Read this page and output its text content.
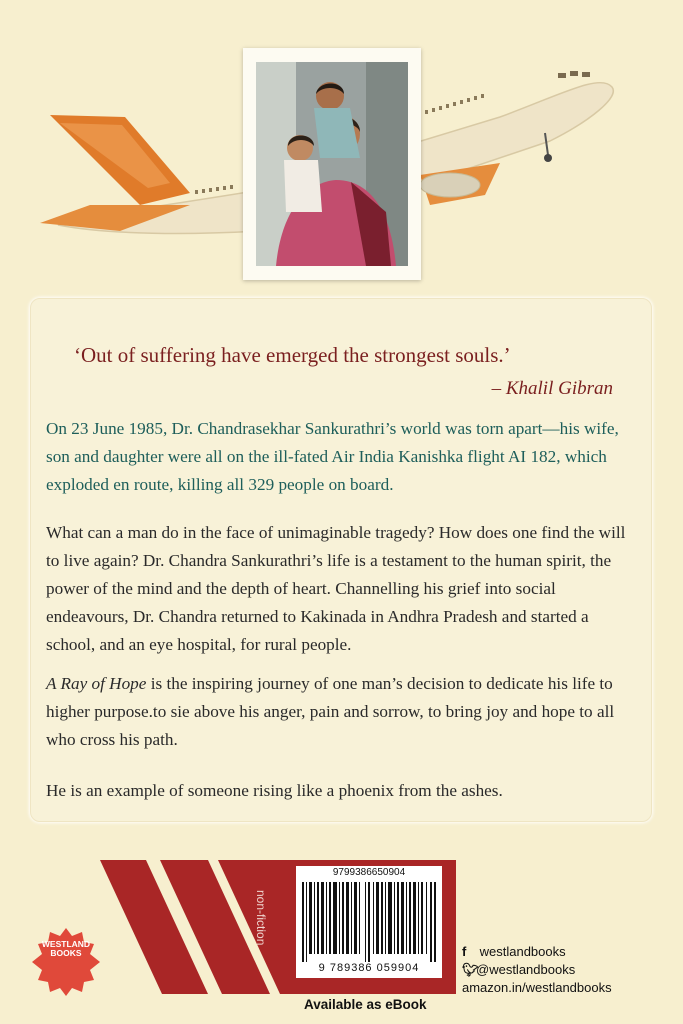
‘Out of suffering have emerged the strongest souls.’
– Khalil Gibran

On 23 June 1985, Dr. Chandrasekhar Sankurathri’s world was torn apart—his wife, son and daughter were all on the ill-fated Air India Kanishka flight AI 182, which exploded en route, killing all 329 people on board.

What can a man do in the face of unimaginable tragedy? How does one find the will to live again? Dr. Chandra Sankurathri’s life is a testament to the human spirit, the power of the mind and the depth of heart. Channelling his grief into social endeavours, Dr. Chandra returned to Kakinada in Andhra Pradesh and started a school, and an eye hospital, for rural people.

A Ray of Hope is the inspiring journey of one man’s decision to dedicate his life to higher purpose.to sie above his anger, pain and sorrow, to bring joy and hope to all who cross his path.

He is an example of someone rising like a phoenix from the ashes.

non-fiction
9799386650904
9 789386 059904
WESTLAND BOOKS	f westlandbooks
🐦︎@westlandbooks
amazon.in/westlandbooks
Available as eBook
